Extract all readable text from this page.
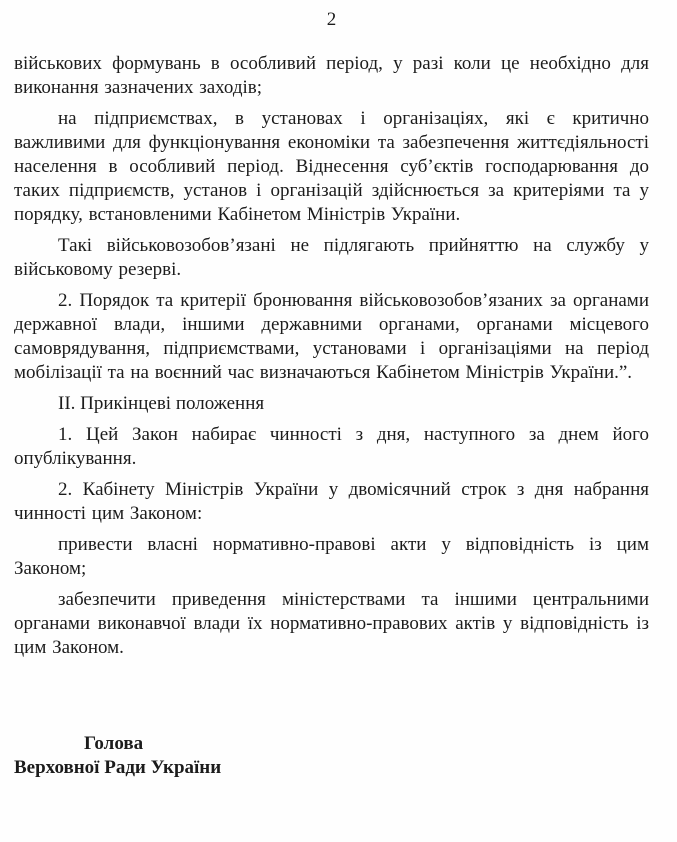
2

військових формувань в особливий період, у разі коли це необхідно для виконання зазначених заходів;

на підприємствах, в установах і організаціях, які є критично важливими для функціонування економіки та забезпечення життєдіяльності населення в особливий період. Віднесення суб’єктів господарювання до таких підприємств, установ і організацій здійснюється за критеріями та у порядку, встановленими Кабінетом Міністрів України.

Такі військовозобов’язані не підлягають прийняттю на службу у військовому резерві.

2. Порядок та критерії бронювання військовозобов’язаних за органами державної влади, іншими державними органами, органами місцевого самоврядування, підприємствами, установами і організаціями на період мобілізації та на воєнний час визначаються Кабінетом Міністрів України.”.

ІІ. Прикінцеві положення

1. Цей Закон набирає чинності з дня, наступного за днем його опублікування.

2. Кабінету Міністрів України у двомісячний строк з дня набрання чинності цим Законом:

привести власні нормативно-правові акти у відповідність із цим Законом;

забезпечити приведення міністерствами та іншими центральними органами виконавчої влади їх нормативно-правових актів у відповідність із цим Законом.

Голова
Верховної Ради України
